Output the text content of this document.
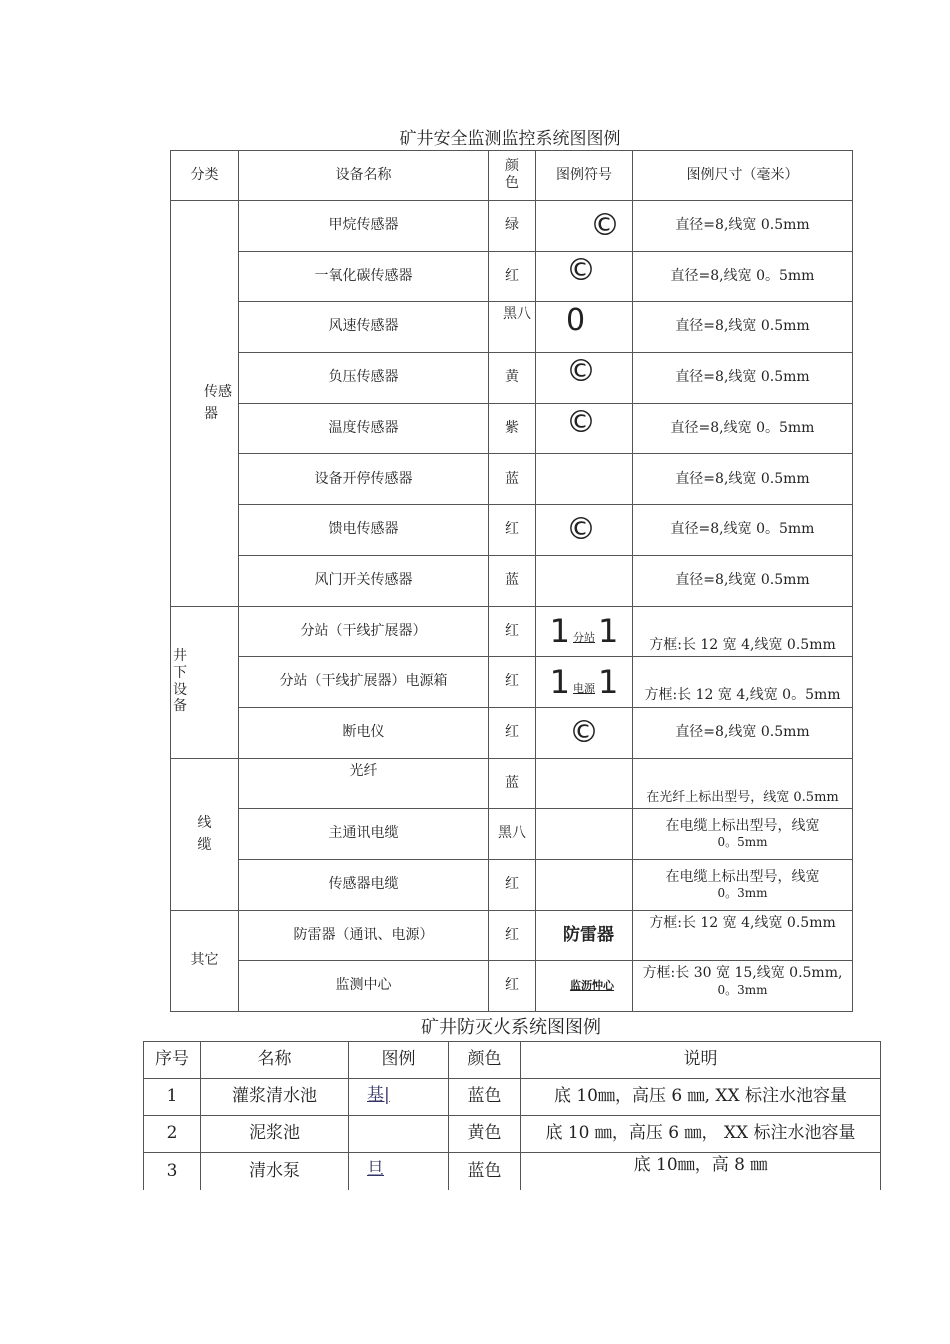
矿井安全监测监控系统图图例
分类	设备名称	颜色	图例符号	图例尺寸（毫米）
传感器	甲烷传感器	绿	©	直径=8,线宽 0.5mm
	一氧化碳传感器	红	©	直径=8,线宽 0。5mm
	风速传感器	黑八	0	直径=8,线宽 0.5mm
	负压传感器	黄	©	直径=8,线宽 0.5mm
	温度传感器	紫	©	直径=8,线宽 0。5mm
	设备开停传感器	蓝		直径=8,线宽 0.5mm
	馈电传感器	红	©	直径=8,线宽 0。5mm
	风门开关传感器	蓝		直径=8,线宽 0.5mm
井下设备	分站（干线扩展器）	红	1 分站 1	方框:长 12 宽 4,线宽 0.5mm
	分站（干线扩展器）电源箱	红	1 电源 1	方框:长 12 宽 4,线宽 0。5mm
	断电仪	红	©	直径=8,线宽 0.5mm
线缆	光纤	蓝		在光纤上标出型号，线宽 0.5mm
	主通讯电缆	黑八		在电缆上标出型号，线宽
0。5mm

	传感器电缆	红		在电缆上标出型号，线宽
0。3mm

其它	防雷器（通讯、电源）	红	防雷器	方框:长 12 宽 4,线宽 0.5mm
	监测中心	红	监沥忡心	方框:长 30 宽 15,线宽 0.5mm,
0。3mm
矿井防灭火系统图图例
序号	名称	图例	颜色	说明
1	灌浆清水池	基|	蓝色	底 10㎜，高压 6 ㎜, XX 标注水池容量
2	泥浆池		黄色	底 10 ㎜，高压 6 ㎜， XX 标注水池容量
3	清水泵	旦	蓝色	底 10㎜，高 8 ㎜
